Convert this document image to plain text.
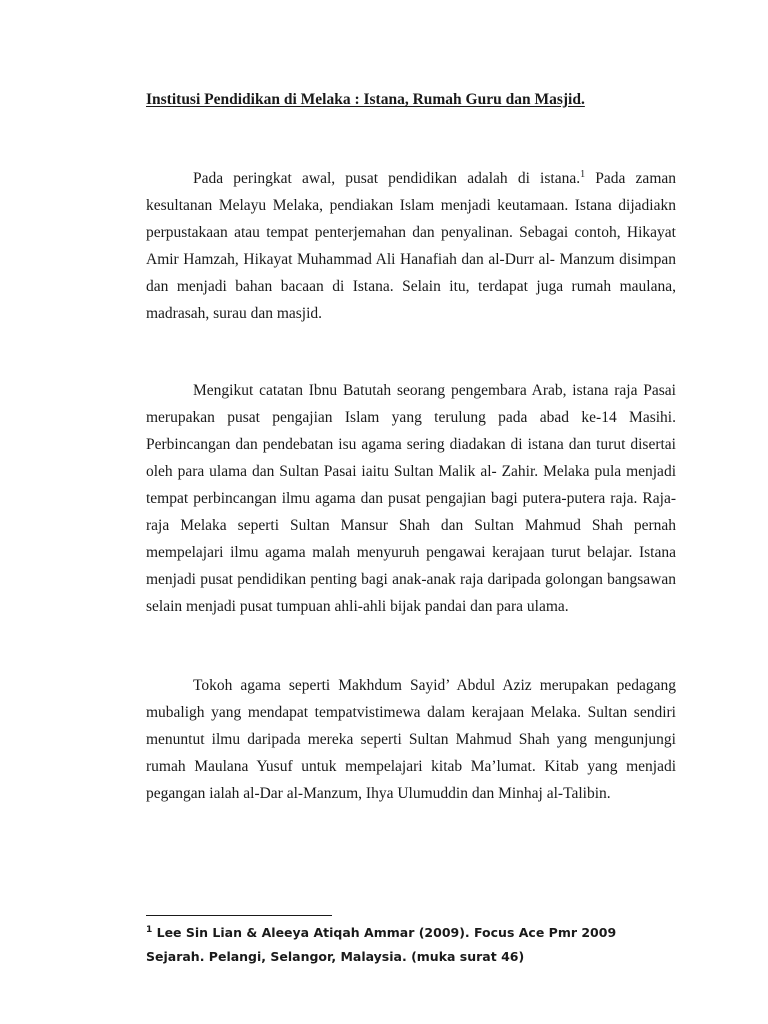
Institusi Pendidikan di Melaka : Istana, Rumah Guru dan Masjid.

Pada peringkat awal, pusat pendidikan adalah di istana.$^1$ Pada zaman kesultanan Melayu Melaka, pendiakan Islam menjadi keutamaan. Istana dijadiakn perpustakaan atau tempat penterjemahan dan penyalinan. Sebagai contoh, Hikayat Amir Hamzah, Hikayat Muhammad Ali Hanafiah dan al-Durr al- Manzum disimpan dan menjadi bahan bacaan di Istana. Selain itu, terdapat juga rumah maulana, madrasah, surau dan masjid.

Mengikut catatan Ibnu Batutah seorang pengembara Arab, istana raja Pasai merupakan pusat pengajian Islam yang terulung pada abad ke-14 Masihi. Perbincangan dan pendebatan isu agama sering diadakan di istana dan turut disertai oleh para ulama dan Sultan Pasai iaitu Sultan Malik al- Zahir. Melaka pula menjadi tempat perbincangan ilmu agama dan pusat pengajian bagi putera-putera raja. Raja-raja Melaka seperti Sultan Mansur Shah dan Sultan Mahmud Shah pernah mempelajari ilmu agama malah menyuruh pengawai kerajaan turut belajar. Istana menjadi pusat pendidikan penting bagi anak-anak raja daripada golongan bangsawan selain menjadi pusat tumpuan ahli-ahli bijak pandai dan para ulama.

Tokoh agama seperti Makhdum Sayid’ Abdul Aziz merupakan pedagang mubaligh yang mendapat tempatvistimewa dalam kerajaan Melaka. Sultan sendiri menuntut ilmu daripada mereka seperti Sultan Mahmud Shah yang mengunjungi rumah Maulana Yusuf untuk mempelajari kitab Ma’lumat. Kitab yang menjadi pegangan ialah al-Dar al-Manzum, Ihya Ulumuddin dan Minhaj al-Talibin.

$^1$ Lee Sin Lian & Aleeya Atiqah Ammar (2009). Focus Ace Pmr 2009 Sejarah. Pelangi, Selangor, Malaysia. (muka surat 46)
